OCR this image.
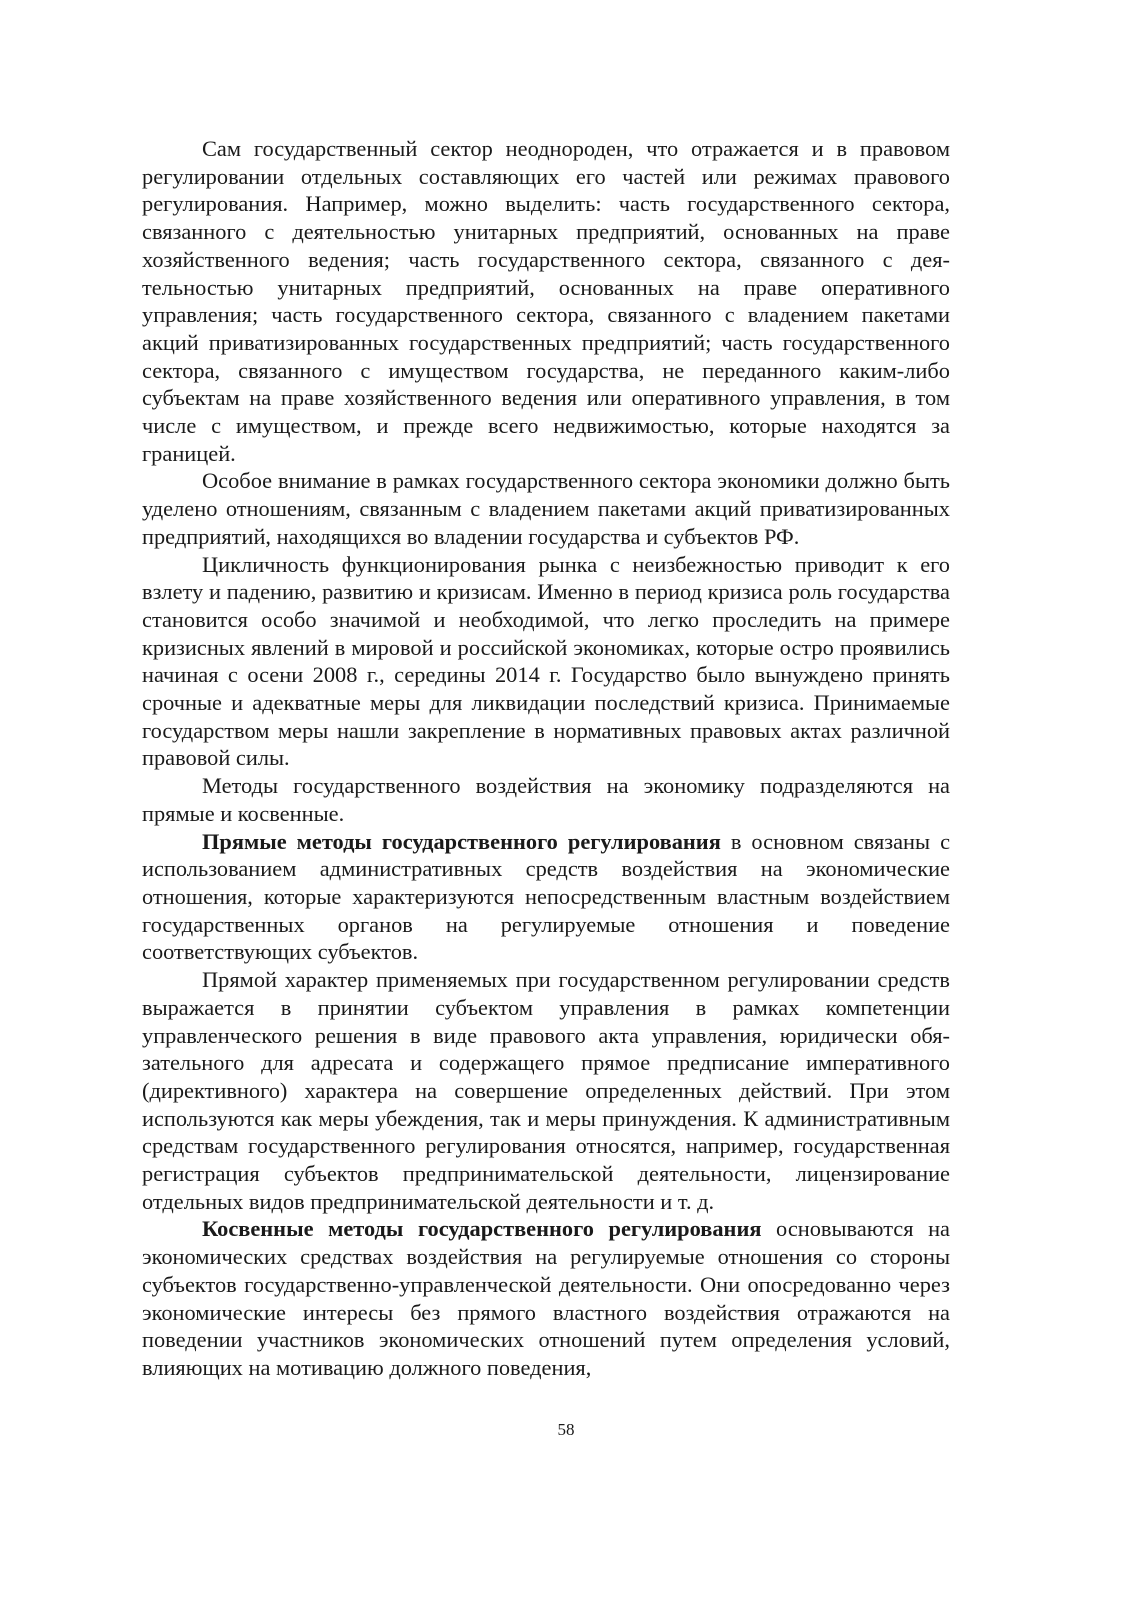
Сам государственный сектор неоднороден, что отражается и в правовом регулировании отдельных составляющих его частей или режимах правового регулирования. Например, можно выделить: часть государственного сектора, связанного с деятельностью унитарных предприятий, основанных на праве хозяйственного ведения; часть государственного сектора, связанного с деятельностью унитарных предприятий, основанных на праве оперативного управления; часть государственного сектора, связанного с владением пакетами акций приватизированных государственных предприятий; часть государственного сектора, связанного с имуществом государства, не переданного каким-либо субъектам на праве хозяйственного ведения или оперативного управления, в том числе с имуществом, и прежде всего недвижимостью, которые находятся за границей.

Особое внимание в рамках государственного сектора экономики должно быть уделено отношениям, связанным с владением пакетами акций приватизированных предприятий, находящихся во владении государства и субъектов РФ.

Цикличность функционирования рынка с неизбежностью приводит к его взлету и падению, развитию и кризисам. Именно в период кризиса роль государства становится особо значимой и необходимой, что легко проследить на примере кризисных явлений в мировой и российской экономиках, которые остро проявились начиная с осени 2008 г., середины 2014 г. Государство было вынуждено принять срочные и адекватные меры для ликвидации последствий кризиса. Принимаемые государством меры нашли закрепление в нормативных правовых актах различной правовой силы.

Методы государственного воздействия на экономику подразделяются на прямые и косвенные.

Прямые методы государственного регулирования в основном связаны с использованием административных средств воздействия на экономические отношения, которые характеризуются непосредственным властным воздействием государственных органов на регулируемые отношения и поведение соответствующих субъектов.

Прямой характер применяемых при государственном регулировании средств выражается в принятии субъектом управления в рамках компетенции управленческого решения в виде правового акта управления, юридически обязательного для адресата и содержащего прямое предписание императивного (директивного) характера на совершение определенных действий. При этом используются как меры убеждения, так и меры принуждения. К административным средствам государственного регулирования относятся, например, государственная регистрация субъектов предпринимательской деятельности, лицензирование отдельных видов предпринимательской деятельности и т. д.

Косвенные методы государственного регулирования основываются на экономических средствах воздействия на регулируемые отношения со стороны субъектов государственно-управленческой деятельности. Они опосредованно через экономические интересы без прямого властного воздействия отражаются на поведении участников экономических отношений путем определения условий, влияющих на мотивацию должного поведения,

58
